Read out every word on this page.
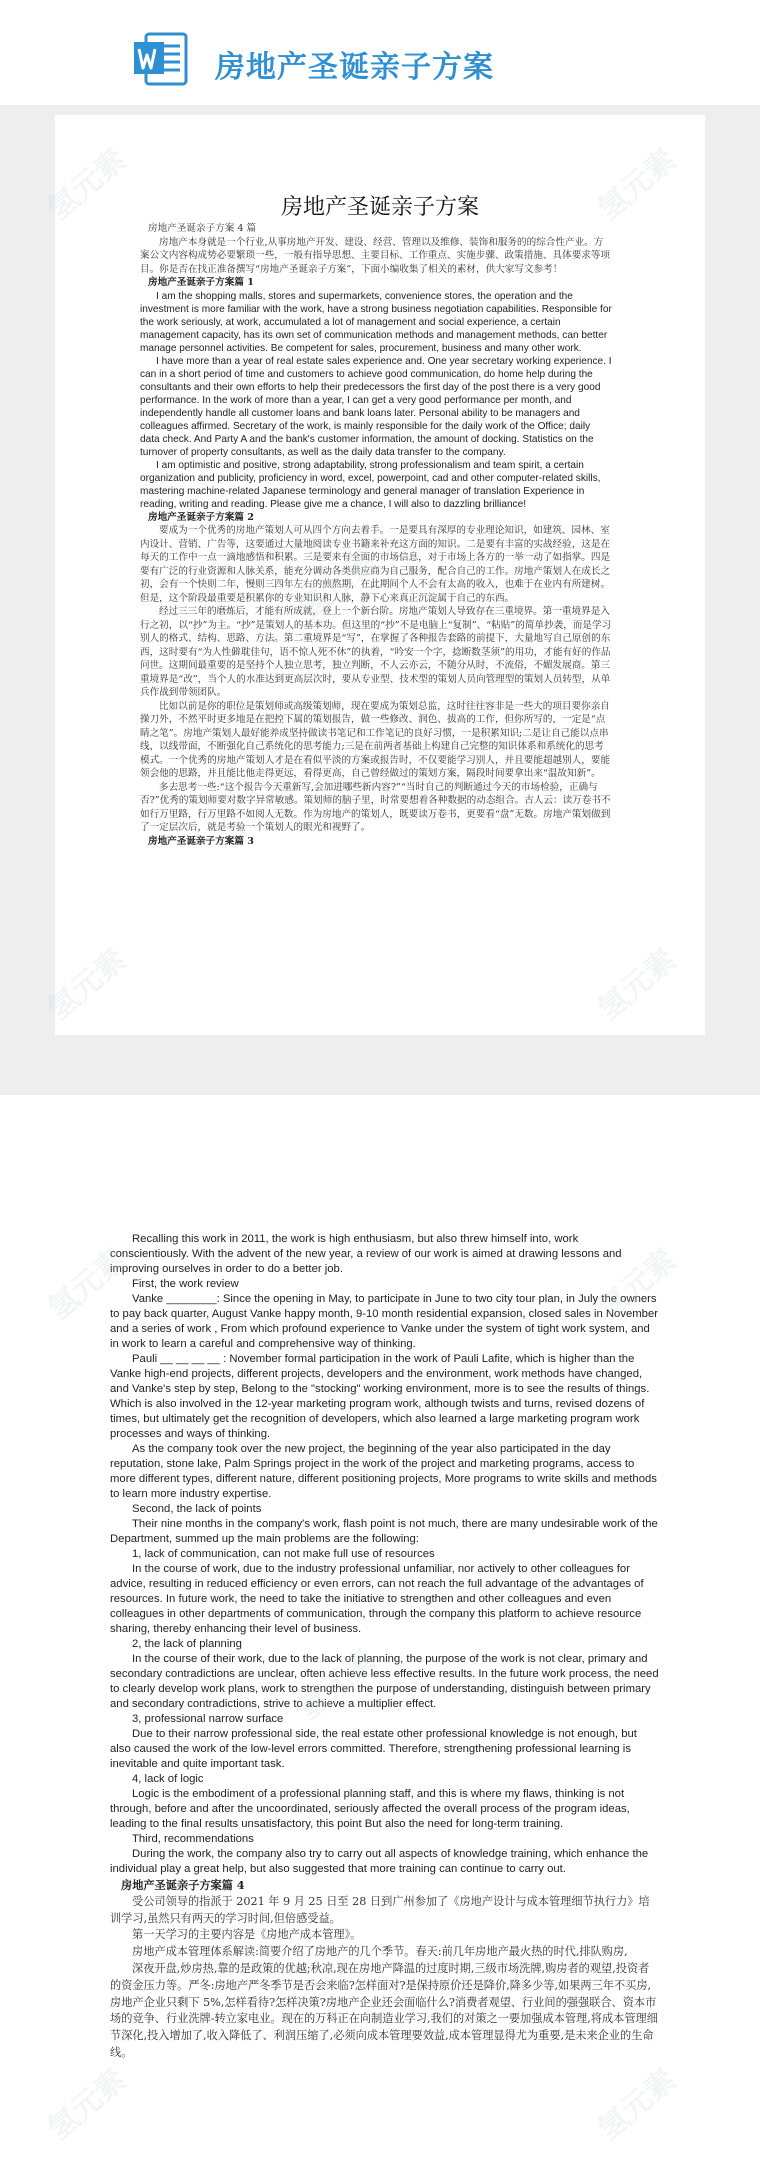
房地产圣诞亲子方案
房地产圣诞亲子方案

房地产圣诞亲子方案 4 篇

房地产本身就是一个行业,从事房地产开发、建设、经营、管理以及维修、装饰和服务的的综合性产业。方案公文内容构成势必要繁琐一些，一般有指导思想、主要目标、工作重点、实施步骤、政策措施、具体要求等项目。你是否在找正准备撰写“房地产圣诞亲子方案”，下面小编收集了相关的素材，供大家写文参考！

房地产圣诞亲子方案篇 1

I am the shopping malls, stores and supermarkets, convenience stores, the operation and the investment is more familiar with the work, have a strong business negotiation capabilities. Responsible for the work seriously, at work, accumulated a lot of management and social experience, a certain management capacity, has its own set of communication methods and management methods, can better manage personnel activities. Be competent for sales, procurement, business and many other work.

I have more than a year of real estate sales experience and. One year secretary working experience. I can in a short period of time and customers to achieve good communication, do home help during the consultants and their own efforts to help their predecessors the first day of the post there is a very good performance. In the work of more than a year, I can get a very good performance per month, and independently handle all customer loans and bank loans later. Personal ability to be managers and colleagues affirmed. Secretary of the work, is mainly responsible for the daily work of the Office; daily data check. And Party A and the bank's customer information, the amount of docking. Statistics on the turnover of property consultants, as well as the daily data transfer to the company.

I am optimistic and positive, strong adaptability, strong professionalism and team spirit, a certain organization and publicity, proficiency in word, excel, powerpoint, cad and other computer-related skills, mastering machine-related Japanese terminology and general manager of translation Experience in reading, writing and reading. Please give me a chance, I will also to dazzling brilliance!

房地产圣诞亲子方案篇 2

要成为一个优秀的房地产策划人可从四个方向去着手。一是要具有深厚的专业理论知识，如建筑、园林、室内设计、营销、广告等，这要通过大量地阅读专业书籍来补充这方面的知识。二是要有丰富的实战经验，这是在每天的工作中一点一滴地感悟和积累。三是要来有全面的市场信息，对于市场上各方的一举一动了如指掌。四是要有广泛的行业资源和人脉关系，能充分调动各类供应商为自己服务，配合自己的工作。房地产策划人在成长之初，会有一个快则二年，慢则三四年左右的煎熬期，在此期间个人不会有太高的收入，也难于在业内有所建树。但是，这个阶段最重要是积累你的专业知识和人脉，静下心来真正沉淀属于自己的东西。

经过三三年的磨炼后，才能有所成就，登上一个新台阶。房地产策划人导致存在三重境界。第一重境界是入行之初，以“抄”为主。“抄”是策划人的基本功。但这里的“抄”不是电脑上“复制”、“粘贴”的简单抄袭，而是学习别人的格式、结构、思路、方法。第二重境界是“写”，在掌握了各种报告套路的前提下，大量地写自己原创的东西，这时要有“为人性僻耽佳句，语不惊人死不休”的执着，“吟安一个字，捻断数茎须”的用功，才能有好的作品问世。这期间最重要的是坚持个人独立思考，独立判断，不人云亦云，不随分从时，不流俗，不媚发展商。第三重境界是“改”，当个人的水准达到更高层次时，要从专业型、技术型的策划人员向管理型的策划人员转型，从单兵作战到带领团队。

比如以前是你的职位是策划师或高级策划师，现在要成为策划总监，这时往往容非是一些大的项目要你亲自操刀外，不然平时更多地是在把控下属的策划报告，做一些修改、润色、拔高的工作，但你所写的，一定是“点睛之笔”。房地产策划人最好能养成坚持做读书笔记和工作笔记的良好习惯，一是积累知识;二是让自己能以点串线，以线带面，不断强化自己系统化的思考能力;三是在前两者基础上构建自己完整的知识体系和系统化的思考模式。一个优秀的房地产策划人才是在看似平淡的方案或报告时，不仅要能学习别人，并且要能超越别人，要能领会他的思路，并且能比他走得更远，看得更高，自己曾经做过的策划方案，隔段时间要拿出来“温故知新”。

多去思考一些:“这个报告今天重新写,会加进哪些新内容?”“当时自己的判断通过今天的市场检验，正确与否?”优秀的策划师要对数字异常敏感。策划师的脑子里，时常要想着各种数据的动态组合。古人云：读万卷书不如行万里路，行万里路不如阅人无数。作为房地产的策划人，既要读万卷书，更要看“盘”无数。房地产策划做到了一定层次后，就是考验一个策划人的眼光和视野了。

房地产圣诞亲子方案篇 3

Recalling this work in 2011, the work is high enthusiasm, but also threw himself into, work conscientiously. With the advent of the new year, a review of our work is aimed at drawing lessons and improving ourselves in order to do a better job.

First, the work review

Vanke ________: Since the opening in May, to participate in June to two city tour plan, in July the owners to pay back quarter, August Vanke happy month, 9-10 month residential expansion, closed sales in November and a series of work , From which profound experience to Vanke under the system of tight work system, and in work to learn a careful and comprehensive way of thinking.

Pauli __ __ __ __ : November formal participation in the work of Pauli Lafite, which is higher than the Vanke high-end projects, different projects, developers and the environment, work methods have changed, and Vanke's step by step, Belong to the "stocking" working environment, more is to see the results of things. Which is also involved in the 12-year marketing program work, although twists and turns, revised dozens of times, but ultimately get the recognition of developers, which also learned a large marketing program work processes and ways of thinking.

As the company took over the new project, the beginning of the year also participated in the day reputation, stone lake, Palm Springs project in the work of the project and marketing programs, access to more different types, different nature, different positioning projects, More programs to write skills and methods to learn more industry expertise.

Second, the lack of points

Their nine months in the company's work, flash point is not much, there are many undesirable work of the Department, summed up the main problems are the following:

1, lack of communication, can not make full use of resources

In the course of work, due to the industry professional unfamiliar, nor actively to other colleagues for advice, resulting in reduced efficiency or even errors, can not reach the full advantage of the advantages of resources. In future work, the need to take the initiative to strengthen and other colleagues and even colleagues in other departments of communication, through the company this platform to achieve resource sharing, thereby enhancing their level of business.

2, the lack of planning

In the course of their work, due to the lack of planning, the purpose of the work is not clear, primary and secondary contradictions are unclear, often achieve less effective results. In the future work process, the need to clearly develop work plans, work to strengthen the purpose of understanding, distinguish between primary and secondary contradictions, strive to achieve a multiplier effect.

3, professional narrow surface

Due to their narrow professional side, the real estate other professional knowledge is not enough, but also caused the work of the low-level errors committed. Therefore, strengthening professional learning is inevitable and quite important task.

4, lack of logic

Logic is the embodiment of a professional planning staff, and this is where my flaws, thinking is not through, before and after the uncoordinated, seriously affected the overall process of the program ideas, leading to the final results unsatisfactory, this point But also the need for long-term training.

Third, recommendations

During the work, the company also try to carry out all aspects of knowledge training, which enhance the individual play a great help, but also suggested that more training can continue to carry out.

房地产圣诞亲子方案篇 4

受公司领导的指派于 2021 年 9 月 25 日至 28 日到广州参加了《房地产设计与成本管理细节执行力》培训学习,虽然只有两天的学习时间,但倍感受益。

第一天学习的主要内容是《房地产成本管理》。

房地产成本管理体系解读:简要介绍了房地产的几个季节。春天:前几年房地产最火热的时代,排队购房,

深夜开盘,炒房热,靠的是政策的优越;秋凉,现在房地产降温的过度时期,三级市场洗牌,购房者的观望,投资者的资金压力等。严冬:房地产严冬季节是否会来临?怎样面对?是保持原价还是降价,降多少等,如果两三年不买房,房地产企业只剩下 5%,怎样看待?怎样决策?房地产企业还会面临什么?消费者观望、行业间的强强联合、资本市场的竞争、行业洗牌-转立家电业。现在的万科正在向制造业学习,我们的对策之一要加强成本管理,将成本管理细节深化,投入增加了,收入降低了、利润压缩了,必须向成本管理要效益,成本管理显得尤为重要,是未来企业的生命线。

氢元素	氢元素
氢元素
氢元素	氢元素
氢元素	氢元素
氢元素
氢元素	氢元素
